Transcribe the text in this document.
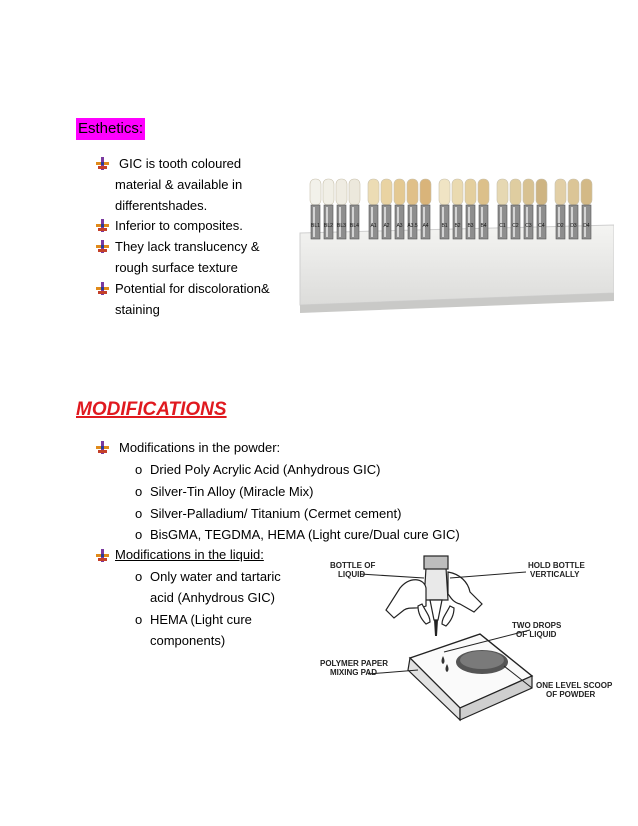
Esthetics:
GIC is tooth coloured
material & available in
differentshades.
Inferior to composites.
They lack translucency &
rough surface texture
Potential for discoloration&
staining
BL1 BL2 BL3 BL4 A1 A2 A3 A3.5 A4	B1 B2 B3 B4	C1 C2 C3 C4	D2 D3 D4
MODIFICATIONS
Modifications in the powder:
o Dried Poly Acrylic Acid (Anhydrous GIC)
o Silver-Tin Alloy (Miracle Mix)
o Silver-Palladium/ Titanium (Cermet cement)
o BisGMA, TEGDMA, HEMA (Light cure/Dual cure GIC)
Modifications in the liquid:
o Only water and tartaric
acid (Anhydrous GIC)
o HEMA (Light cure
components)
BOTTLE OF
LIQUID
HOLD BOTTLE
VERTICALLY
TWO DROPS
OF LIQUID
POLYMER PAPER
MIXING PAD
ONE LEVEL SCOOP
OF POWDER
